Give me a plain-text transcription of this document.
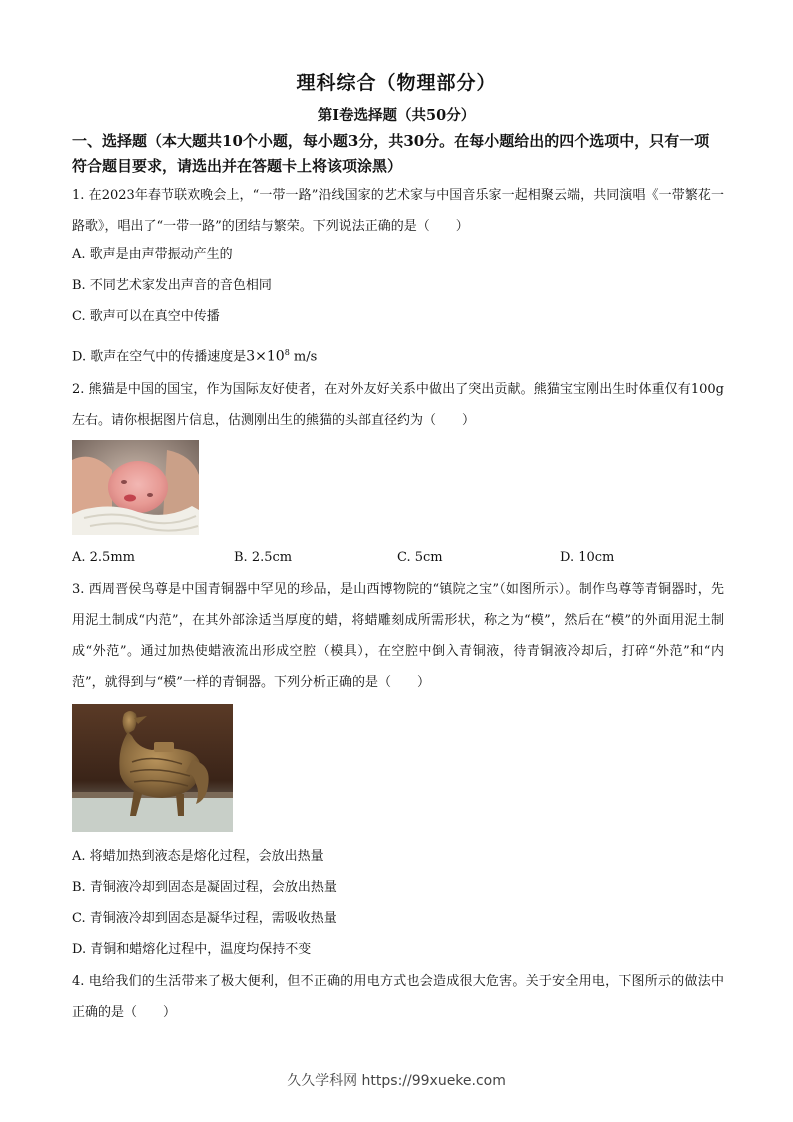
理科综合（物理部分）
第I卷选择题（共50分）
一、选择题（本大题共10个小题，每小题3分，共30分。在每小题给出的四个选项中，只有一项符合题目要求，请选出并在答题卡上将该项涂黑）
1. 在2023年春节联欢晚会上，“一带一路”沿线国家的艺术家与中国音乐家一起相聚云端，共同演唱《一带繁花一路歌》，唱出了“一带一路”的团结与繁荣。下列说法正确的是（　　）
A. 歌声是由声带振动产生的
B. 不同艺术家发出声音的音色相同
C. 歌声可以在真空中传播
D. 歌声在空气中的传播速度是$3\times 10^8$ m/s
2. 熊猫是中国的国宝，作为国际友好使者，在对外友好关系中做出了突出贡献。熊猫宝宝刚出生时体重仅有100g左右。请你根据图片信息，估测刚出生的熊猫的头部直径约为（　　）
A. 2.5mm	B. 2.5cm	C. 5cm	D. 10cm
3. 西周晋侯鸟尊是中国青铜器中罕见的珍品，是山西博物院的“镇院之宝”（如图所示）。制作鸟尊等青铜器时，先用泥土制成“内范”，在其外部涂适当厚度的蜡，将蜡雕刻成所需形状，称之为“模”，然后在“模”的外面用泥土制成“外范”。通过加热使蜡液流出形成空腔（模具），在空腔中倒入青铜液，待青铜液冷却后，打碎“外范”和“内范”，就得到与“模”一样的青铜器。下列分析正确的是（　　）
A. 将蜡加热到液态是熔化过程，会放出热量
B. 青铜液冷却到固态是凝固过程，会放出热量
C. 青铜液冷却到固态是凝华过程，需吸收热量
D. 青铜和蜡熔化过程中，温度均保持不变
4. 电给我们的生活带来了极大便利，但不正确的用电方式也会造成很大危害。关于安全用电，下图所示的做法中正确的是（　　）
久久学科网 https://99xueke.com
